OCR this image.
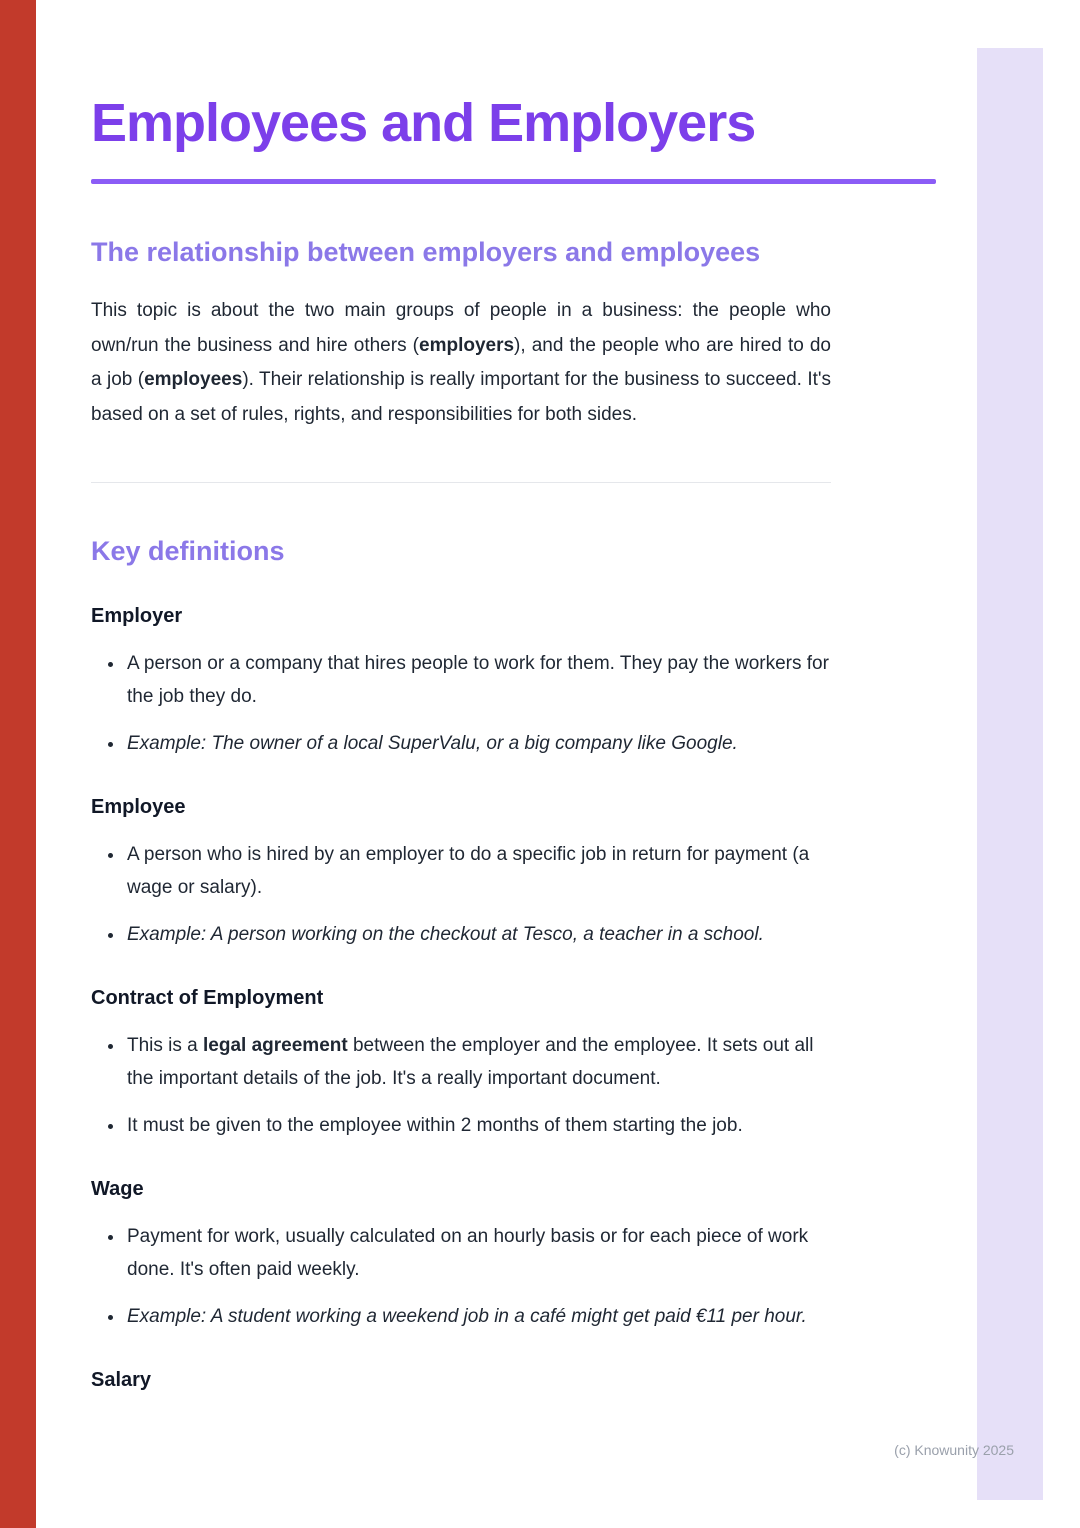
Employees and Employers
The relationship between employers and employees

This topic is about the two main groups of people in a business: the people who own/run the business and hire others (employers), and the people who are hired to do a job (employees). Their relationship is really important for the business to succeed. It's based on a set of rules, rights, and responsibilities for both sides.

Key definitions
Employer
• A person or a company that hires people to work for them. They pay the workers for the job they do.
• Example: The owner of a local SuperValu, or a big company like Google.
Employee
• A person who is hired by an employer to do a specific job in return for payment (a wage or salary).
• Example: A person working on the checkout at Tesco, a teacher in a school.
Contract of Employment
• This is a legal agreement between the employer and the employee. It sets out all the important details of the job. It's a really important document.
• It must be given to the employee within 2 months of them starting the job.
Wage
• Payment for work, usually calculated on an hourly basis or for each piece of work done. It's often paid weekly.
• Example: A student working a weekend job in a café might get paid €11 per hour.
Salary
(c) Knowunity 2025
